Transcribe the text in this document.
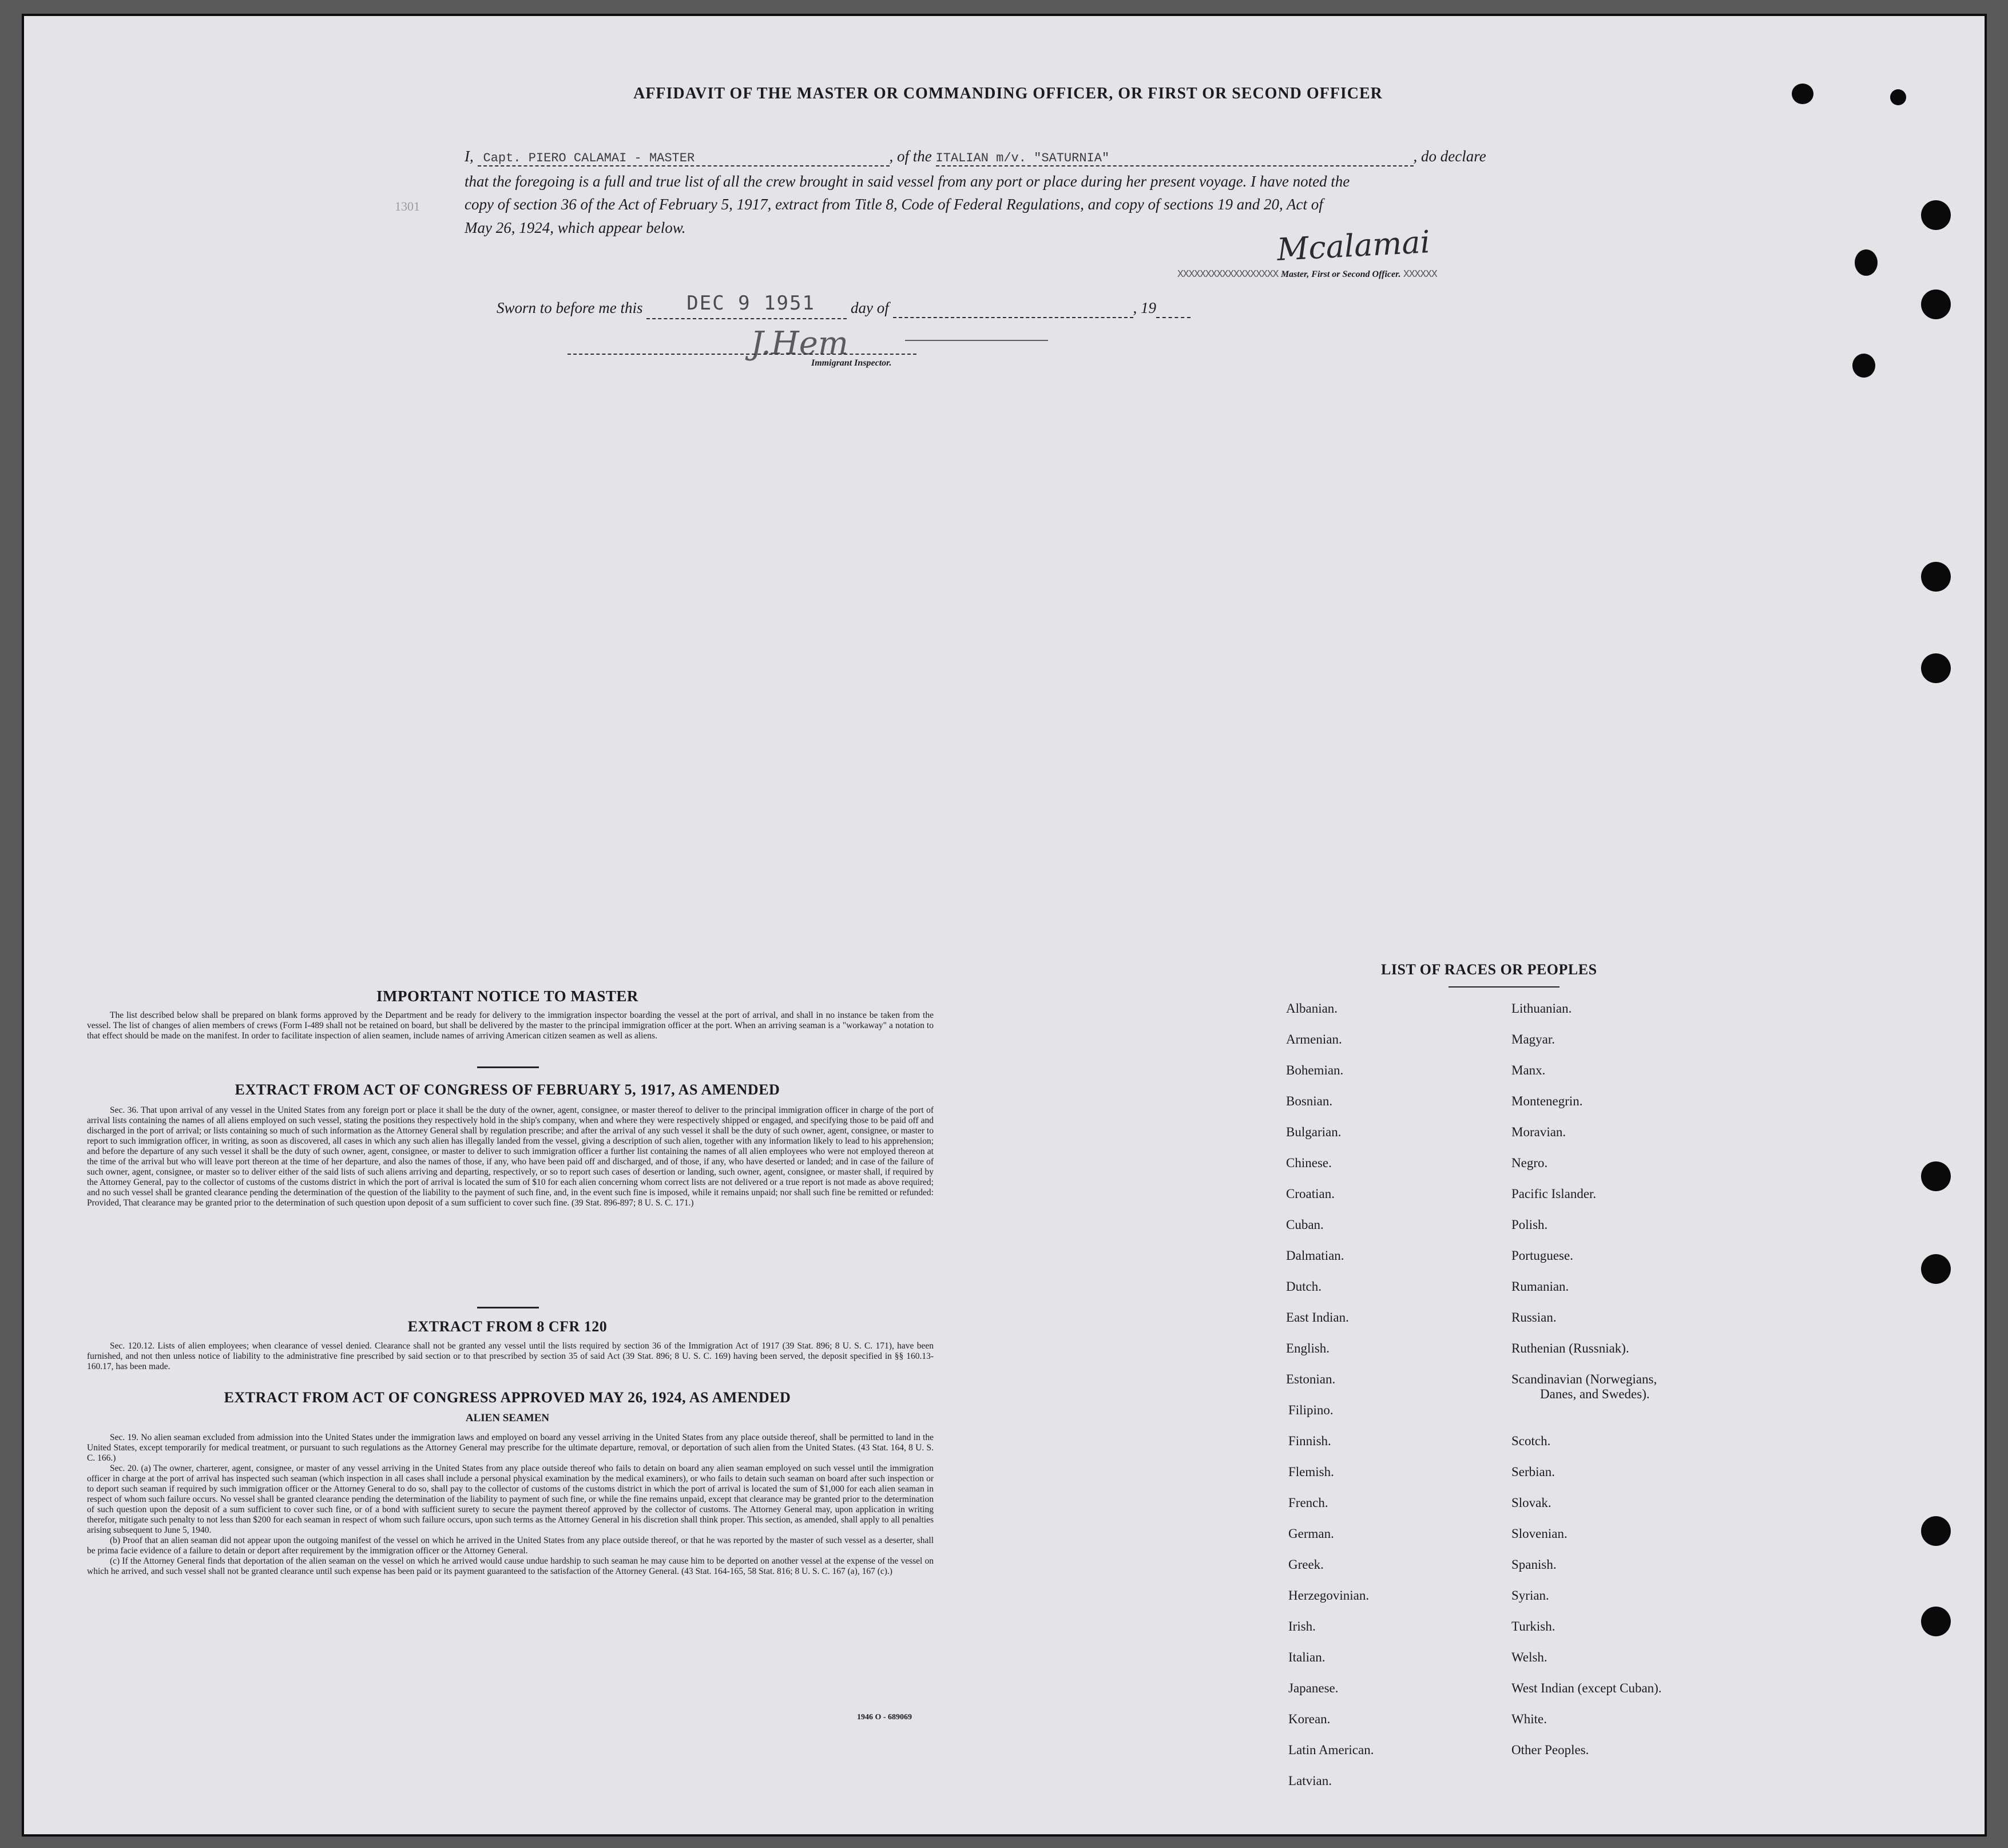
AFFIDAVIT OF THE MASTER OR COMMANDING OFFICER, OR FIRST OR SECOND OFFICER
I, Capt. PIERO CALAMAI - MASTER	, of the ITALIAN m/v. "SATURNIA"	, do declare
that the foregoing is a full and true list of all the crew brought in said vessel from any port or place during her present voyage. I have noted the
1301	copy of section 36 of the Act of February 5, 1917, extract from Title 8, Code of Federal Regulations, and copy of sections 19 and 20, Act of
May 26, 1924, which appear below.	Mcalamai
XXXXXXXXXXXXXXXXXX Master, First or Second Officer. XXXXXX
Sworn to before me this DEC 9 1951 day of	, 19
J.Hem
Immigrant Inspector.
IMPORTANT NOTICE TO MASTER
The list described below shall be prepared on blank forms approved by the Department and be ready for delivery to the immigration inspector boarding the vessel at the port of arrival, and shall in no instance be taken from the vessel. The list of changes of alien members of crews (Form I-489 shall not be retained on board, but shall be delivered by the master to the principal immigration officer at the port. When an arriving seaman is a "workaway" a notation to that effect should be made on the manifest. In order to facilitate inspection of alien seamen, include names of arriving American citizen seamen as well as aliens.
EXTRACT FROM ACT OF CONGRESS OF FEBRUARY 5, 1917, AS AMENDED
Sec. 36. That upon arrival of any vessel in the United States from any foreign port or place it shall be the duty of the owner, agent, consignee, or master thereof to deliver to the principal immigration officer in charge of the port of arrival lists containing the names of all aliens employed on such vessel, stating the positions they respectively hold in the ship's company, when and where they were respectively shipped or engaged, and specifying those to be paid off and discharged in the port of arrival; or lists containing so much of such information as the Attorney General shall by regulation prescribe; and after the arrival of any such vessel it shall be the duty of such owner, agent, consignee, or master to report to such immigration officer, in writing, as soon as discovered, all cases in which any such alien has illegally landed from the vessel, giving a description of such alien, together with any information likely to lead to his apprehension; and before the departure of any such vessel it shall be the duty of such owner, agent, consignee, or master to deliver to such immigration officer a further list containing the names of all alien employees who were not employed thereon at the time of the arrival but who will leave port thereon at the time of her departure, and also the names of those, if any, who have been paid off and discharged, and of those, if any, who have deserted or landed; and in case of the failure of such owner, agent, consignee, or master so to deliver either of the said lists of such aliens arriving and departing, respectively, or so to report such cases of desertion or landing, such owner, agent, consignee, or master shall, if required by the Attorney General, pay to the collector of customs of the customs district in which the port of arrival is located the sum of $10 for each alien concerning whom correct lists are not delivered or a true report is not made as above required; and no such vessel shall be granted clearance pending the determination of the question of the liability to the payment of such fine, and, in the event such fine is imposed, while it remains unpaid; nor shall such fine be remitted or refunded: Provided, That clearance may be granted prior to the determination of such question upon deposit of a sum sufficient to cover such fine. (39 Stat. 896-897; 8 U. S. C. 171.)
EXTRACT FROM 8 CFR 120
Sec. 120.12. Lists of alien employees; when clearance of vessel denied. Clearance shall not be granted any vessel until the lists required by section 36 of the Immigration Act of 1917 (39 Stat. 896; 8 U. S. C. 171), have been furnished, and not then unless notice of liability to the administrative fine prescribed by said section or to that prescribed by section 35 of said Act (39 Stat. 896; 8 U. S. C. 169) having been served, the deposit specified in §§ 160.13-160.17, has been made.
EXTRACT FROM ACT OF CONGRESS APPROVED MAY 26, 1924, AS AMENDED
ALIEN SEAMEN
Sec. 19. No alien seaman excluded from admission into the United States under the immigration laws and employed on board any vessel arriving in the United States from any place outside thereof, shall be permitted to land in the United States, except temporarily for medical treatment, or pursuant to such regulations as the Attorney General may prescribe for the ultimate departure, removal, or deportation of such alien from the United States. (43 Stat. 164, 8 U. S. C. 166.)
Sec. 20. (a) The owner, charterer, agent, consignee, or master of any vessel arriving in the United States from any place outside thereof who fails to detain on board any alien seaman employed on such vessel until the immigration officer in charge at the port of arrival has inspected such seaman (which inspection in all cases shall include a personal physical examination by the medical examiners), or who fails to detain such seaman on board after such inspection or to deport such seaman if required by such immigration officer or the Attorney General to do so, shall pay to the collector of customs of the customs district in which the port of arrival is located the sum of $1,000 for each alien seaman in respect of whom such failure occurs. No vessel shall be granted clearance pending the determination of the liability to payment of such fine, or while the fine remains unpaid, except that clearance may be granted prior to the determination of such question upon the deposit of a sum sufficient to cover such fine, or of a bond with sufficient surety to secure the payment thereof approved by the collector of customs. The Attorney General may, upon application in writing therefor, mitigate such penalty to not less than $200 for each seaman in respect of whom such failure occurs, upon such terms as the Attorney General in his discretion shall think proper. This section, as amended, shall apply to all penalties arising subsequent to June 5, 1940.
(b) Proof that an alien seaman did not appear upon the outgoing manifest of the vessel on which he arrived in the United States from any place outside thereof, or that he was reported by the master of such vessel as a deserter, shall be prima facie evidence of a failure to detain or deport after requirement by the immigration officer or the Attorney General.
(c) If the Attorney General finds that deportation of the alien seaman on the vessel on which he arrived would cause undue hardship to such seaman he may cause him to be deported on another vessel at the expense of the vessel on which he arrived, and such vessel shall not be granted clearance until such expense has been paid or its payment guaranteed to the satisfaction of the Attorney General. (43 Stat. 164-165, 58 Stat. 816; 8 U. S. C. 167 (a), 167 (c).)
1946 O - 689069
LIST OF RACES OR PEOPLES
Albanian.
Armenian.
Bohemian.
Bosnian.
Bulgarian.
Chinese.
Croatian.
Cuban.
Dalmatian.
Dutch.
East Indian.
English.
Estonian.
Filipino.
Finnish.
Flemish.
French.
German.
Greek.
Herzegovinian.
Irish.
Italian.
Japanese.
Korean.
Latin American.
Latvian.
Lithuanian.
Magyar.
Manx.
Montenegrin.
Moravian.
Negro.
Pacific Islander.
Polish.
Portuguese.
Rumanian.
Russian.
Ruthenian (Russniak).
Scandinavian (Norwegians,
Danes, and Swedes).
Scotch.
Serbian.
Slovak.
Slovenian.
Spanish.
Syrian.
Turkish.
Welsh.
West Indian (except Cuban).
White.
Other Peoples.
